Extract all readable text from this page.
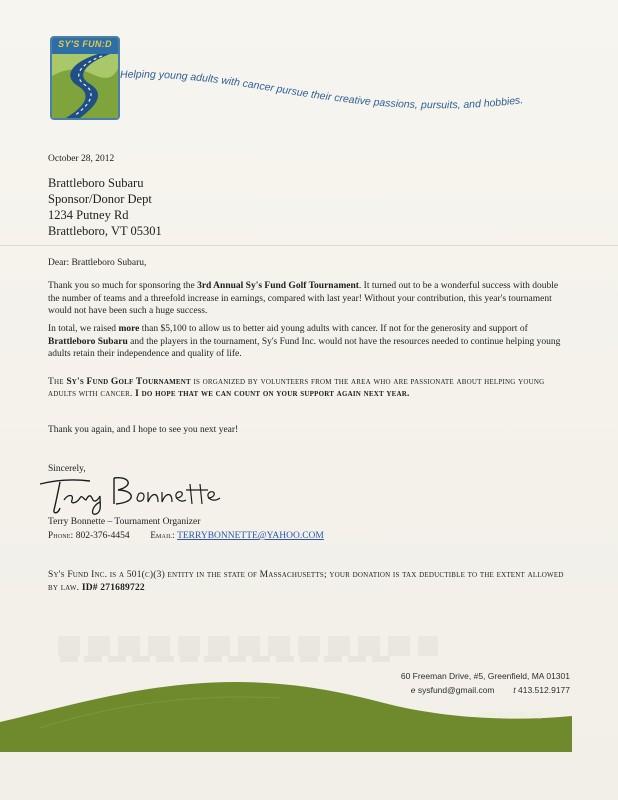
SY'S FUN:D
Helping young adults with cancer pursue their creative passions, pursuits, and hobbies.
October 28, 2012
Brattleboro Subaru
Sponsor/Donor Dept
1234 Putney Rd
Brattleboro, VT 05301
Dear: Brattleboro Subaru,
Thank you so much for sponsoring the 3rd Annual Sy's Fund Golf Tournament. It turned out to be a wonderful success with double the number of teams and a threefold increase in earnings, compared with last year! Without your contribution, this year's tournament would not have been such a huge success.
In total, we raised more than $5,100 to allow us to better aid young adults with cancer. If not for the generosity and support of Brattleboro Subaru and the players in the tournament, Sy's Fund Inc. would not have the resources needed to continue helping young adults retain their independence and quality of life.
The Sy's Fund Golf Tournament is organized by volunteers from the area who are passionate about helping young adults with cancer. I do hope that we can count on your support again next year.
Thank you again, and I hope to see you next year!
Sincerely,
Terry Bonnette – Tournament Organizer
Phone: 802-376-4454 Email: TERRYBONNETTE@YAHOO.COM
Sy's Fund Inc. is a 501(c)(3) entity in the state of Massachusetts; your donation is tax deductible to the extent allowed by law. ID# 271689722
60 Freeman Drive, #5, Greenfield, MA 01301
e sysfund@gmail.com t 413.512.9177
www.sysfund.org
